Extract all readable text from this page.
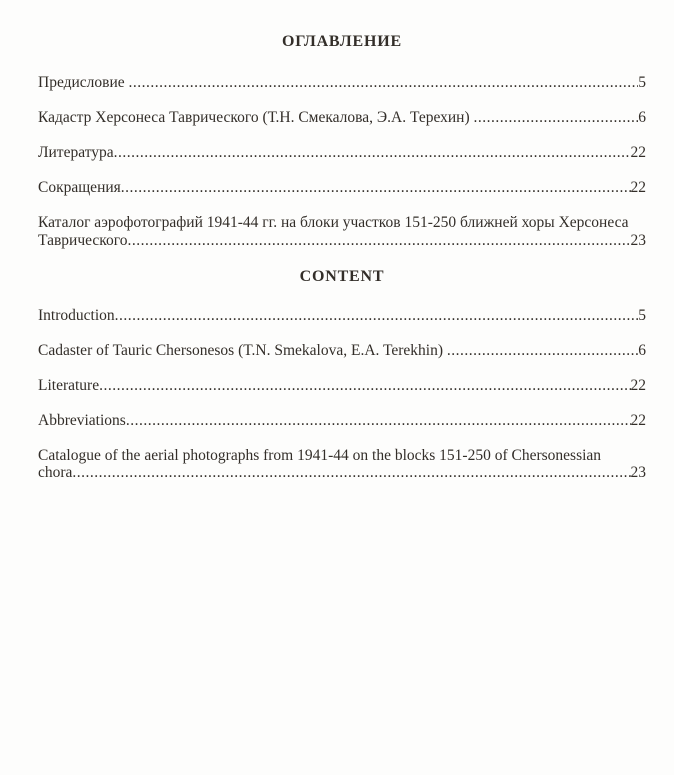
ОГЛАВЛЕНИЕ
Предисловие .....	5
Кадастр Херсонеса Таврического (Т.Н. Смекалова, Э.А. Терехин) .....	6
Литература .....	22
Сокращения .....	22
Каталог аэрофотографий 1941-44 гг. на блоки участков 151-250 ближней хоры Херсонеса
Таврического .....	23
CONTENT
Introduction .....	5
Cadaster of Tauric Chersonesos (T.N. Smekalova, E.A. Terekhin) .....	6
Literature .....	22
Abbreviations .....	22
Catalogue of the aerial photographs from 1941-44 on the blocks 151-250 of Chersonessian
chora .....	23
